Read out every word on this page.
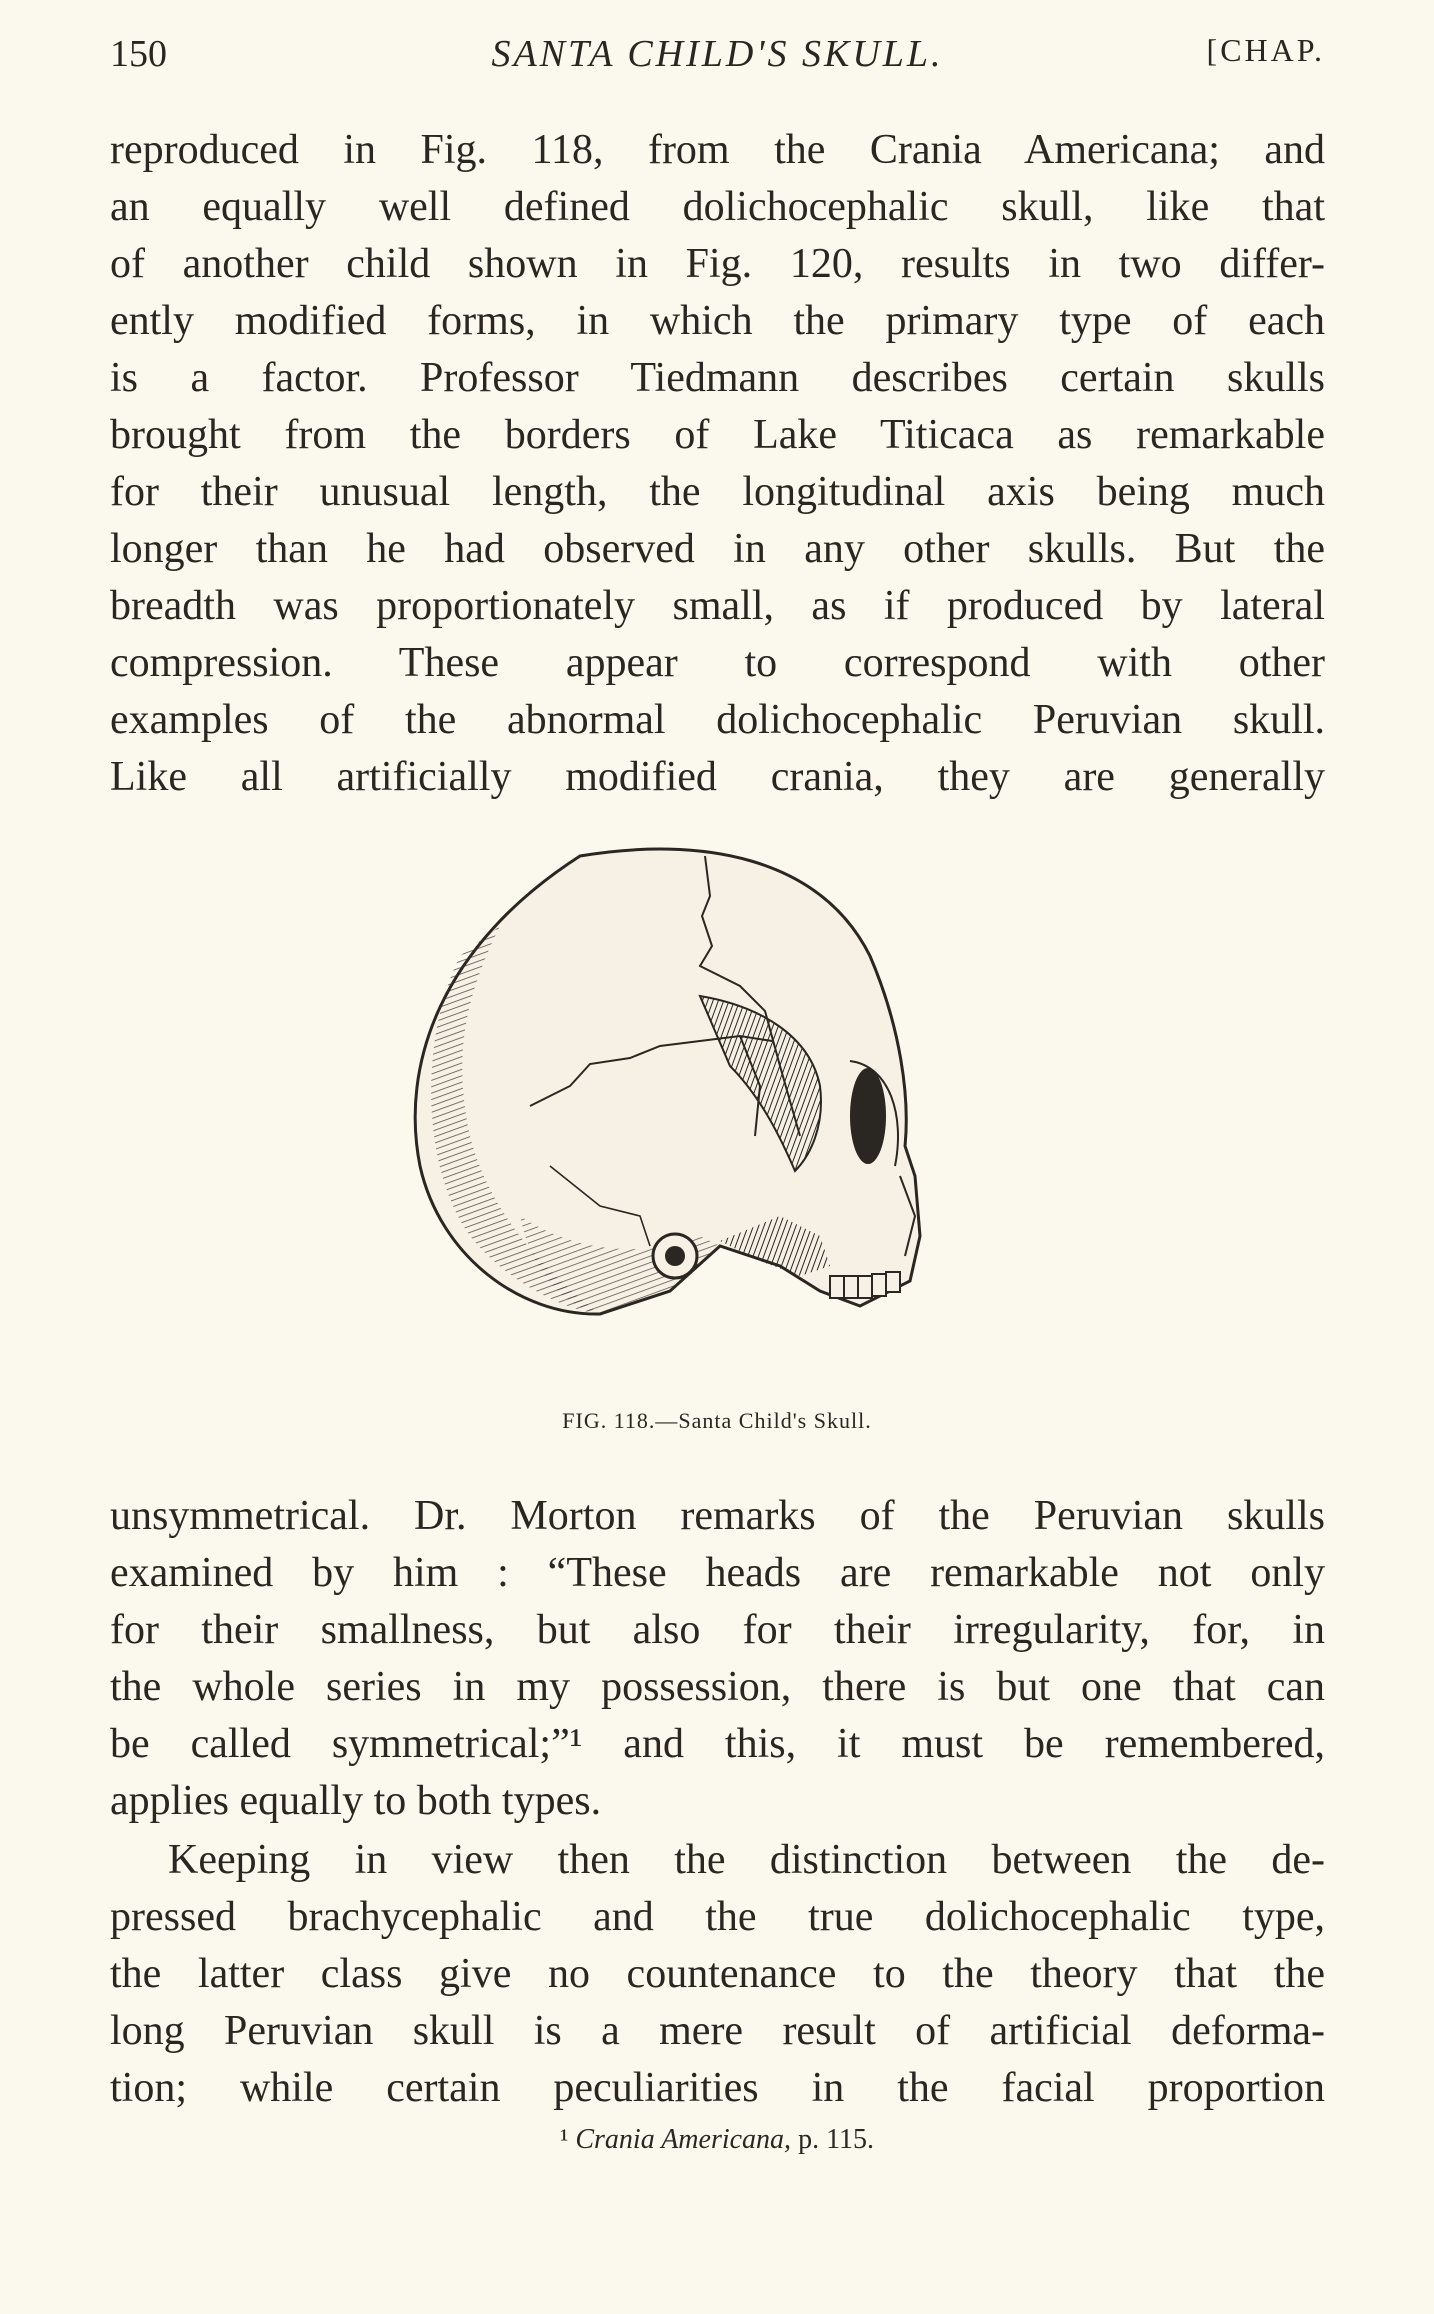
150	SANTA CHILD'S SKULL.	[CHAP.
reproduced in Fig. 118, from the Crania Americana; and
an equally well defined dolichocephalic skull, like that
of another child shown in Fig. 120, results in two differ-
ently modified forms, in which the primary type of each
is a factor. Professor Tiedmann describes certain skulls
brought from the borders of Lake Titicaca as remarkable
for their unusual length, the longitudinal axis being much
longer than he had observed in any other skulls. But the
breadth was proportionately small, as if produced by lateral
compression. These appear to correspond with other
examples of the abnormal dolichocephalic Peruvian skull.
Like all artificially modified crania, they are generally
FIG. 118.—Santa Child's Skull.
unsymmetrical. Dr. Morton remarks of the Peruvian skulls
examined by him : “These heads are remarkable not only
for their smallness, but also for their irregularity, for, in
the whole series in my possession, there is but one that can
be called symmetrical;”¹ and this, it must be remembered,
applies equally to both types.
Keeping in view then the distinction between the de-
pressed brachycephalic and the true dolichocephalic type,
the latter class give no countenance to the theory that the
long Peruvian skull is a mere result of artificial deforma-
tion; while certain peculiarities in the facial proportion
¹ Crania Americana, p. 115.
